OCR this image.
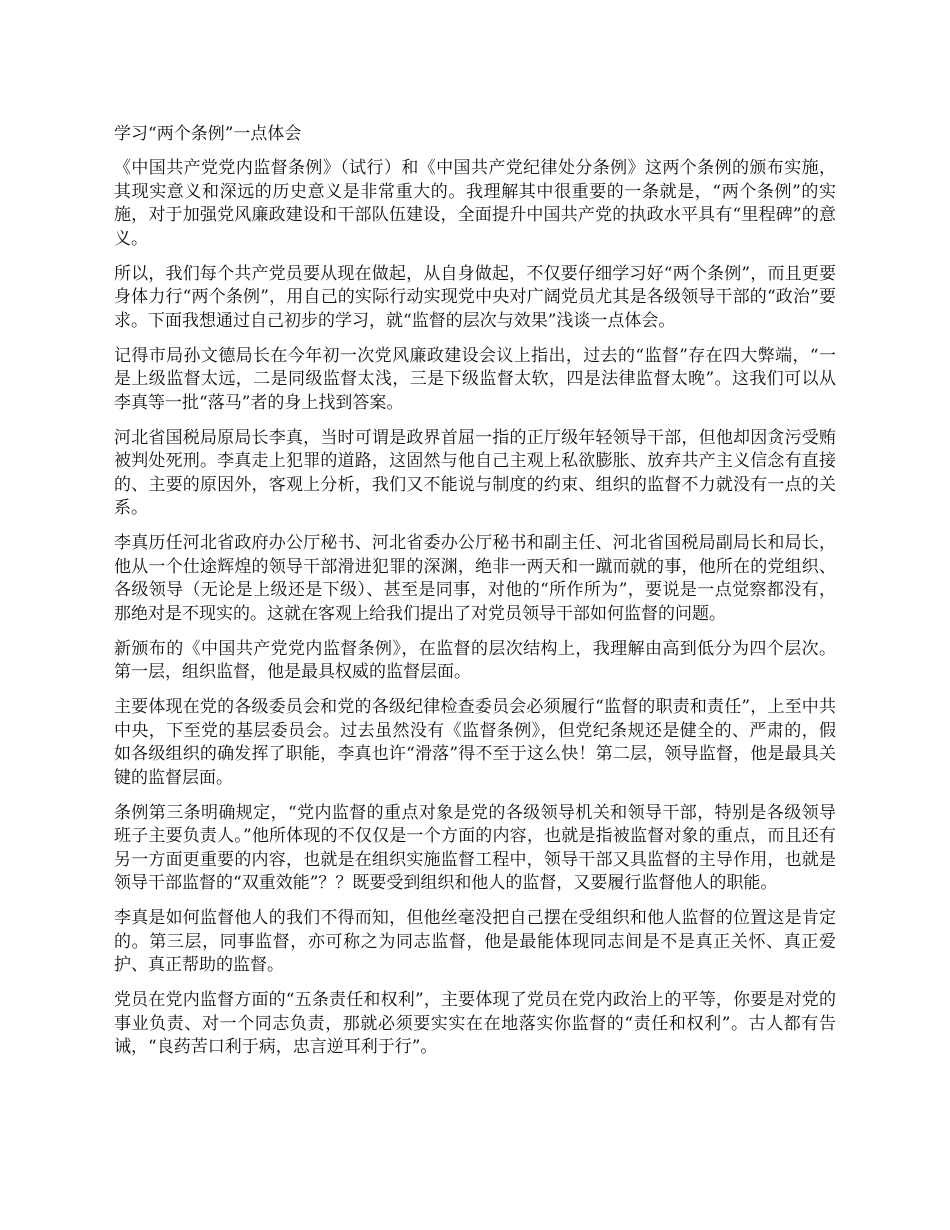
学习“两个条例”一点体会

《中国共产党党内监督条例》（试行）和《中国共产党纪律处分条例》这两个条例的颁布实施，其现实意义和深远的历史意义是非常重大的。我理解其中很重要的一条就是，“两个条例”的实施，对于加强党风廉政建设和干部队伍建设，全面提升中国共产党的执政水平具有“里程碑”的意义。

所以，我们每个共产党员要从现在做起，从自身做起，不仅要仔细学习好“两个条例”，而且更要身体力行“两个条例”，用自己的实际行动实现党中央对广阔党员尤其是各级领导干部的“政治”要求。下面我想通过自己初步的学习，就“监督的层次与效果”浅谈一点体会。

记得市局孙文德局长在今年初一次党风廉政建设会议上指出，过去的“监督”存在四大弊端，“一是上级监督太远，二是同级监督太浅，三是下级监督太软，四是法律监督太晚”。这我们可以从李真等一批“落马”者的身上找到答案。

河北省国税局原局长李真，当时可谓是政界首屈一指的正厅级年轻领导干部，但他却因贪污受贿被判处死刑。李真走上犯罪的道路，这固然与他自己主观上私欲膨胀、放弃共产主义信念有直接的、主要的原因外，客观上分析，我们又不能说与制度的约束、组织的监督不力就没有一点的关系。

李真历任河北省政府办公厅秘书、河北省委办公厅秘书和副主任、河北省国税局副局长和局长，他从一个仕途辉煌的领导干部滑进犯罪的深渊，绝非一两天和一蹴而就的事，他所在的党组织、各级领导（无论是上级还是下级）、甚至是同事，对他的“所作所为”，要说是一点觉察都没有，那绝对是不现实的。这就在客观上给我们提出了对党员领导干部如何监督的问题。

新颁布的《中国共产党党内监督条例》，在监督的层次结构上，我理解由高到低分为四个层次。第一层，组织监督，他是最具权威的监督层面。

主要体现在党的各级委员会和党的各级纪律检查委员会必须履行“监督的职责和责任”，上至中共中央，下至党的基层委员会。过去虽然没有《监督条例》，但党纪条规还是健全的、严肃的，假如各级组织的确发挥了职能，李真也许“滑落”得不至于这么快！第二层，领导监督，他是最具关键的监督层面。

条例第三条明确规定，“党内监督的重点对象是党的各级领导机关和领导干部，特别是各级领导班子主要负责人。”他所体现的不仅仅是一个方面的内容，也就是指被监督对象的重点，而且还有另一方面更重要的内容，也就是在组织实施监督工程中，领导干部又具监督的主导作用，也就是领导干部监督的“双重效能”？？既要受到组织和他人的监督，又要履行监督他人的职能。

李真是如何监督他人的我们不得而知，但他丝毫没把自己摆在受组织和他人监督的位置这是肯定的。第三层，同事监督，亦可称之为同志监督，他是最能体现同志间是不是真正关怀、真正爱护、真正帮助的监督。

党员在党内监督方面的“五条责任和权利”，主要体现了党员在党内政治上的平等，你要是对党的事业负责、对一个同志负责，那就必须要实实在在地落实你监督的“责任和权利”。古人都有告诫，“良药苦口利于病，忠言逆耳利于行”。
